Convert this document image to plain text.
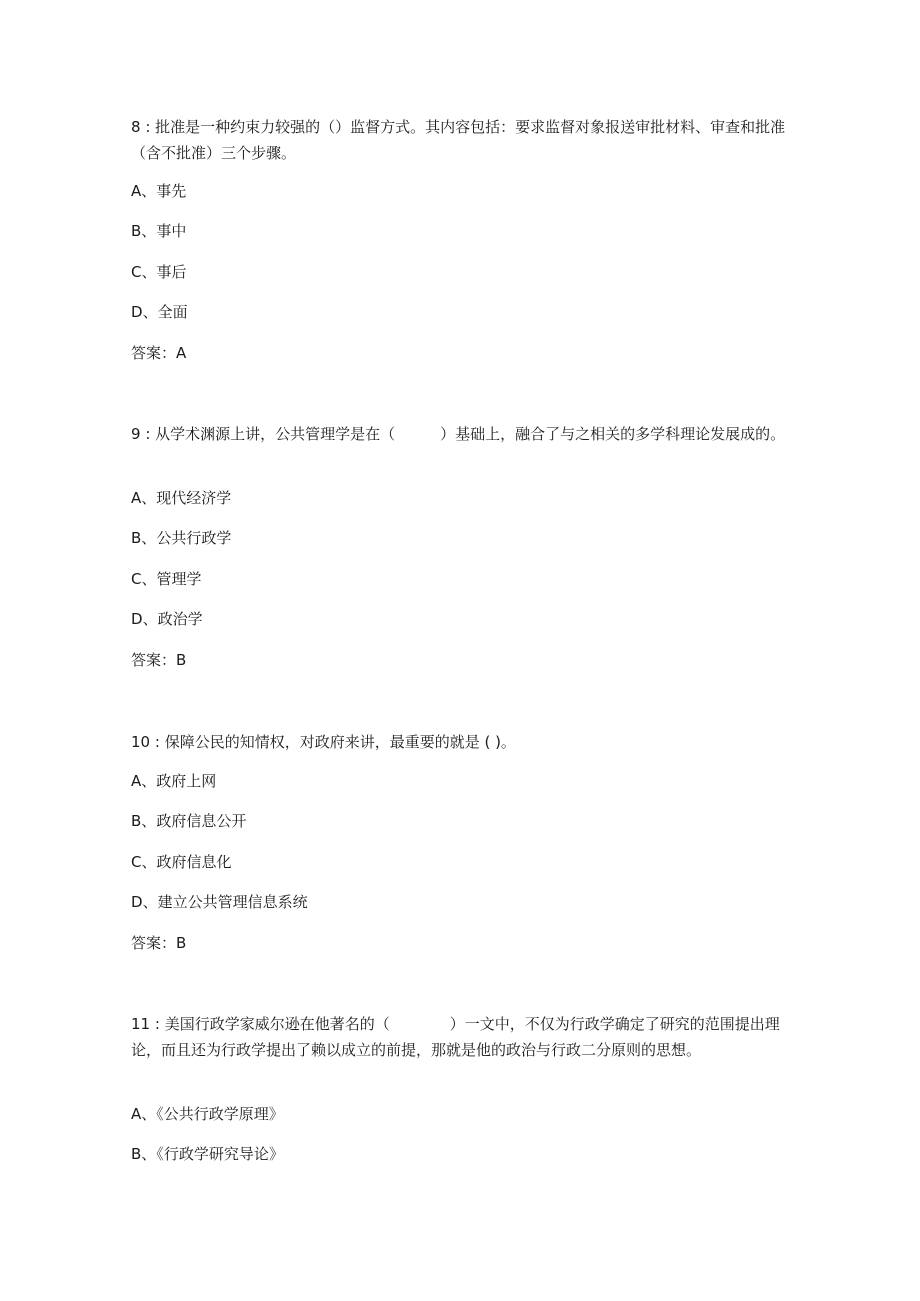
8 : 批准是一种约束力较强的（）监督方式。其内容包括：要求监督对象报送审批材料、审查和批准（含不批准）三个步骤。

A、事先

B、事中

C、事后

D、全面

答案：A

9 : 从学术渊源上讲，公共管理学是在（　　　）基础上，融合了与之相关的多学科理论发展成的。

A、现代经济学

B、公共行政学

C、管理学

D、政治学

答案：B

10 : 保障公民的知情权，对政府来讲，最重要的就是 ( )。

A、政府上网

B、政府信息公开

C、政府信息化

D、建立公共管理信息系统

答案：B

11 : 美国行政学家威尔逊在他著名的（　　　　）一文中，不仅为行政学确定了研究的范围提出理论，而且还为行政学提出了赖以成立的前提，那就是他的政治与行政二分原则的思想。

A、《公共行政学原理》

B、《行政学研究导论》
